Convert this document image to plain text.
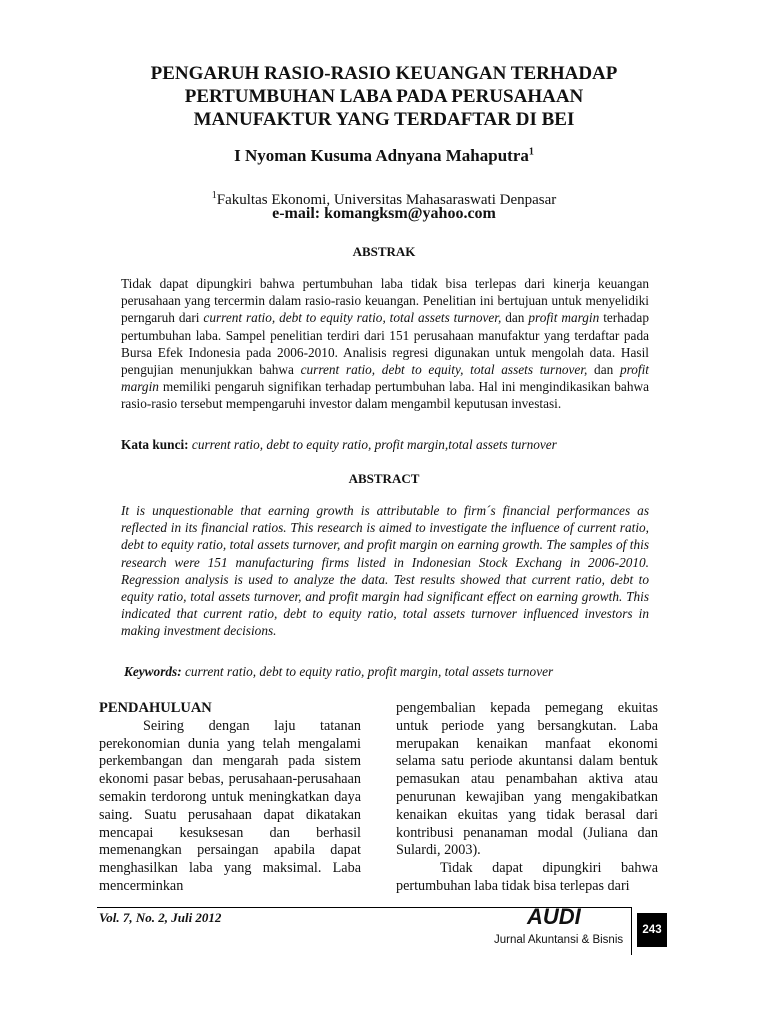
PENGARUH RASIO-RASIO KEUANGAN TERHADAP
PERTUMBUHAN LABA PADA PERUSAHAAN
MANUFAKTUR YANG TERDAFTAR DI BEI
I Nyoman Kusuma Adnyana Mahaputra$^1$
$^1$Fakultas Ekonomi, Universitas Mahasaraswati Denpasar
e-mail: komangksm@yahoo.com
ABSTRAK
Tidak dapat dipungkiri bahwa pertumbuhan laba tidak bisa terlepas dari kinerja keuangan perusahaan yang tercermin dalam rasio-rasio keuangan. Penelitian ini bertujuan untuk menyelidiki perngaruh dari current ratio, debt to equity ratio, total assets turnover, dan profit margin terhadap pertumbuhan laba. Sampel penelitian terdiri dari 151 perusahaan manufaktur yang terdaftar pada Bursa Efek Indonesia pada 2006-2010. Analisis regresi digunakan untuk mengolah data. Hasil pengujian menunjukkan bahwa current ratio, debt to equity, total assets turnover, dan profit margin memiliki pengaruh signifikan terhadap pertumbuhan laba. Hal ini mengindikasikan bahwa rasio-rasio tersebut mempengaruhi investor dalam mengambil keputusan investasi.
Kata kunci: current ratio, debt to equity ratio, profit margin,total assets turnover
ABSTRACT
It is unquestionable that earning growth is attributable to firm´s financial performances as reflected in its financial ratios. This research is aimed to investigate the influence of current ratio, debt to equity ratio, total assets turnover, and profit margin on earning growth. The samples of this research were 151 manufacturing firms listed in Indonesian Stock Exchang in 2006-2010. Regression analysis is used to analyze the data. Test results showed that current ratio, debt to equity ratio, total assets turnover, and profit margin had significant effect on earning growth. This indicated that current ratio, debt to equity ratio, total assets turnover influenced investors in making investment decisions.
Keywords: current ratio, debt to equity ratio, profit margin, total assets turnover
PENDAHULUAN
Seiring dengan laju tatanan perekonomian dunia yang telah mengalami perkembangan dan mengarah pada sistem ekonomi pasar bebas, perusahaan-perusahaan semakin terdorong untuk meningkatkan daya saing. Suatu perusahaan dapat dikatakan mencapai kesuksesan dan berhasil memenangkan persaingan apabila dapat menghasilkan laba yang maksimal. Laba mencerminkan
pengembalian kepada pemegang ekuitas untuk periode yang bersangkutan. Laba merupakan kenaikan manfaat ekonomi selama satu periode akuntansi dalam bentuk pemasukan atau penambahan aktiva atau penurunan kewajiban yang mengakibatkan kenaikan ekuitas yang tidak berasal dari kontribusi penanaman modal (Juliana dan Sulardi, 2003).
Tidak dapat dipungkiri bahwa pertumbuhan laba tidak bisa terlepas dari
Vol. 7, No. 2, Juli 2012	AUDI
Jurnal Akuntansi & Bisnis
243
